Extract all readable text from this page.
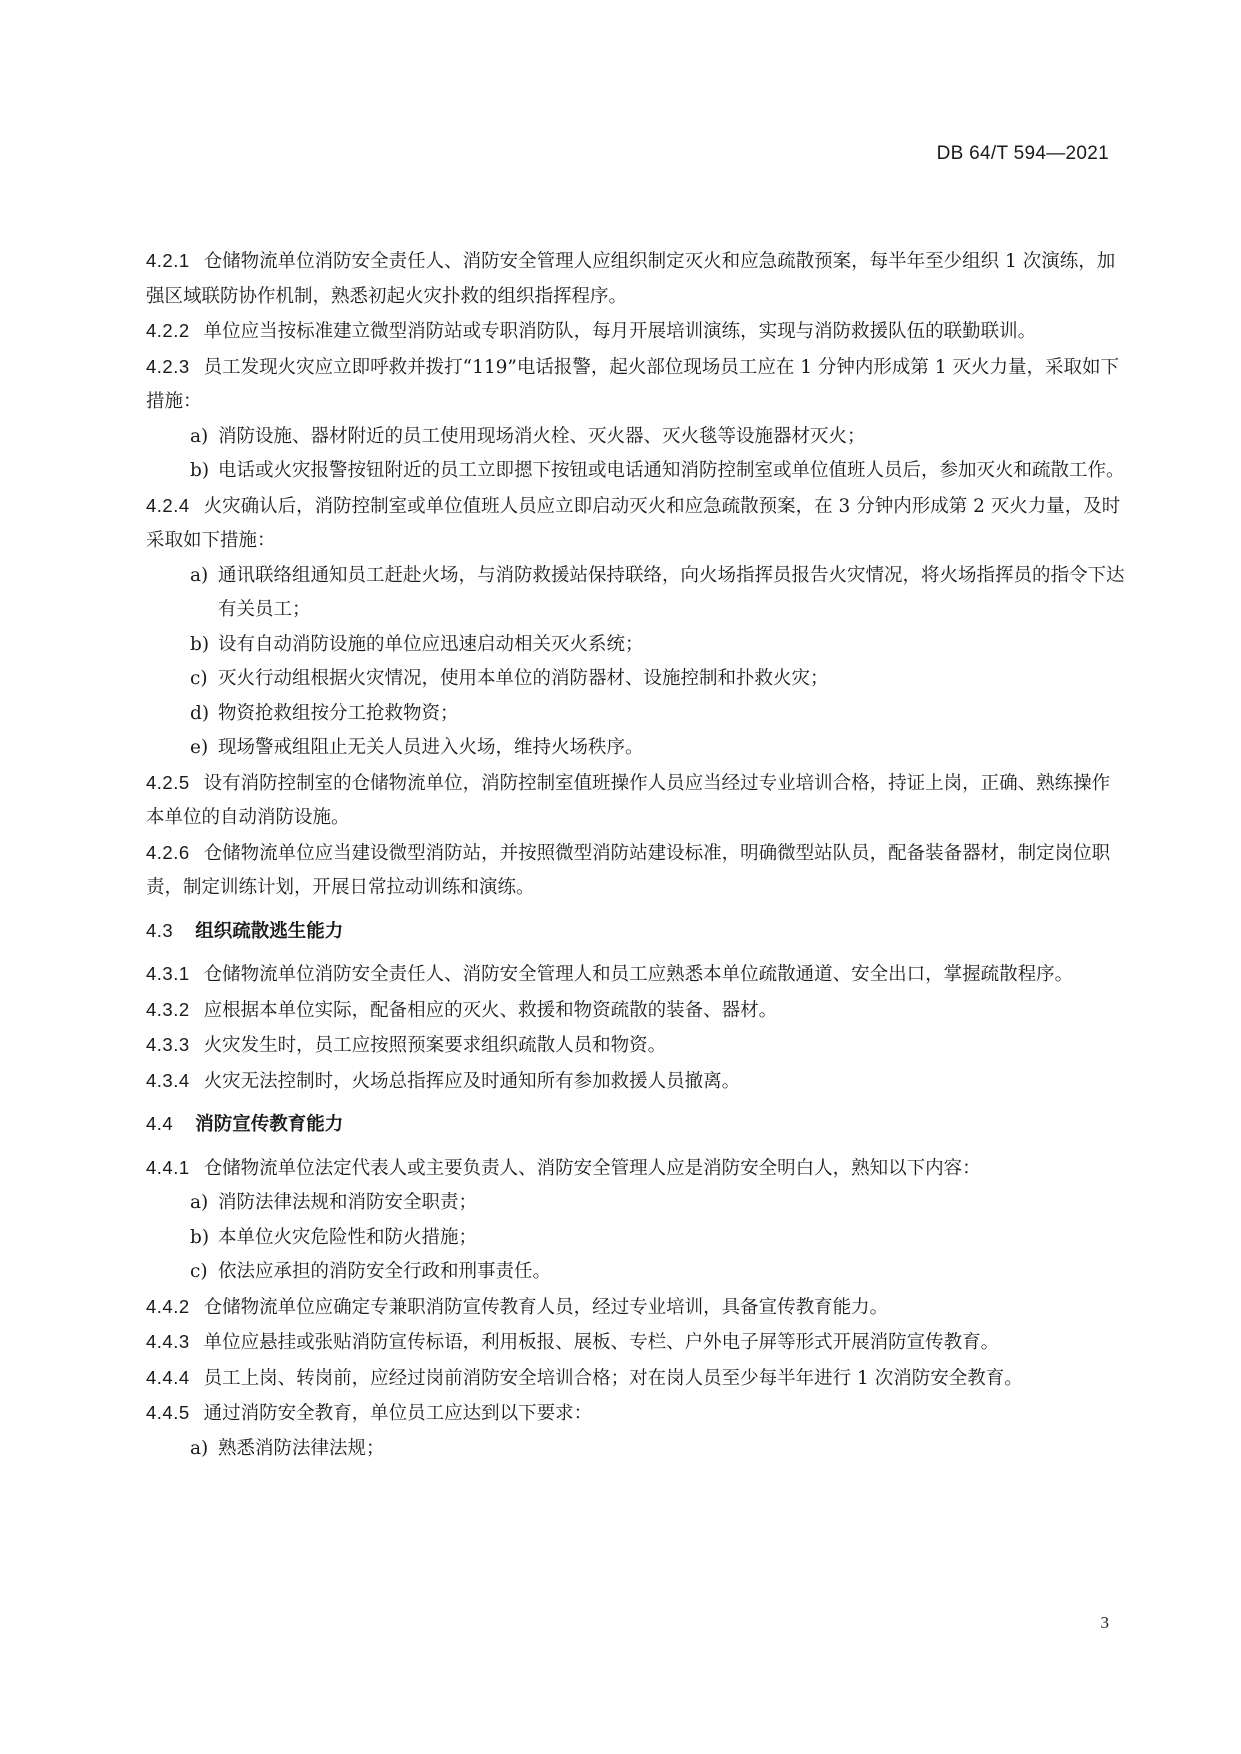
DB 64/T 594—2021

4.2.1 仓储物流单位消防安全责任人、消防安全管理人应组织制定灭火和应急疏散预案，每半年至少组织 1 次演练，加强区域联防协作机制，熟悉初起火灾扑救的组织指挥程序。

4.2.2 单位应当按标准建立微型消防站或专职消防队，每月开展培训演练，实现与消防救援队伍的联勤联训。

4.2.3 员工发现火灾应立即呼救并拨打“119”电话报警，起火部位现场员工应在 1 分钟内形成第 1 灭火力量，采取如下措施：

a) 消防设施、器材附近的员工使用现场消火栓、灭火器、灭火毯等设施器材灭火；

b) 电话或火灾报警按钮附近的员工立即摁下按钮或电话通知消防控制室或单位值班人员后，参加灭火和疏散工作。

4.2.4 火灾确认后，消防控制室或单位值班人员应立即启动灭火和应急疏散预案，在 3 分钟内形成第 2 灭火力量，及时采取如下措施：

a) 通讯联络组通知员工赶赴火场，与消防救援站保持联络，向火场指挥员报告火灾情况，将火场指挥员的指令下达有关员工；

b) 设有自动消防设施的单位应迅速启动相关灭火系统；

c) 灭火行动组根据火灾情况，使用本单位的消防器材、设施控制和扑救火灾；

d) 物资抢救组按分工抢救物资；

e) 现场警戒组阻止无关人员进入火场，维持火场秩序。

4.2.5 设有消防控制室的仓储物流单位，消防控制室值班操作人员应当经过专业培训合格，持证上岗，正确、熟练操作本单位的自动消防设施。

4.2.6 仓储物流单位应当建设微型消防站，并按照微型消防站建设标准，明确微型站队员，配备装备器材，制定岗位职责，制定训练计划，开展日常拉动训练和演练。

4.3 组织疏散逃生能力

4.3.1 仓储物流单位消防安全责任人、消防安全管理人和员工应熟悉本单位疏散通道、安全出口，掌握疏散程序。

4.3.2 应根据本单位实际，配备相应的灭火、救援和物资疏散的装备、器材。

4.3.3 火灾发生时，员工应按照预案要求组织疏散人员和物资。

4.3.4 火灾无法控制时，火场总指挥应及时通知所有参加救援人员撤离。

4.4 消防宣传教育能力

4.4.1 仓储物流单位法定代表人或主要负责人、消防安全管理人应是消防安全明白人，熟知以下内容：

a) 消防法律法规和消防安全职责；

b) 本单位火灾危险性和防火措施；

c) 依法应承担的消防安全行政和刑事责任。

4.4.2 仓储物流单位应确定专兼职消防宣传教育人员，经过专业培训，具备宣传教育能力。

4.4.3 单位应悬挂或张贴消防宣传标语，利用板报、展板、专栏、户外电子屏等形式开展消防宣传教育。

4.4.4 员工上岗、转岗前，应经过岗前消防安全培训合格；对在岗人员至少每半年进行 1 次消防安全教育。

4.4.5 通过消防安全教育，单位员工应达到以下要求：

a) 熟悉消防法律法规；

3
